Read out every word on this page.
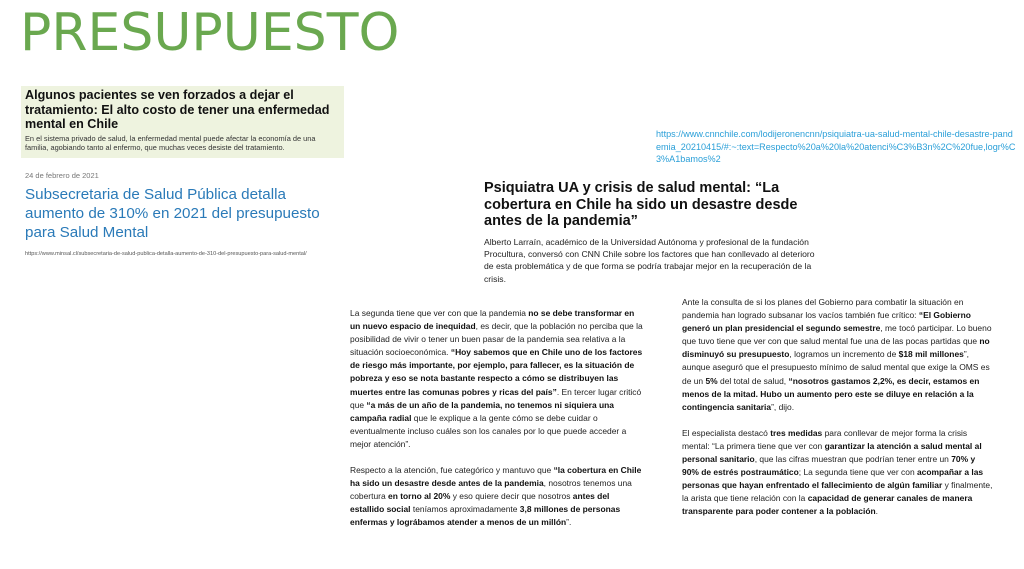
PRESUPUESTO

Algunos pacientes se ven forzados a dejar el tratamiento: El alto costo de tener una enfermedad mental en Chile

En el sistema privado de salud, la enfermedad mental puede afectar la economía de una familia, agobiando tanto al enfermo, que muchas veces desiste del tratamiento.

24 de febrero de 2021

Subsecretaria de Salud Pública detalla aumento de 310% en 2021 del presupuesto para Salud Mental

https://www.minsal.cl/subsecretaria-de-salud-publica-detalla-aumento-de-310-del-presupuesto-para-salud-mental/

https://www.cnnchile.com/lodijeronencnn/psiquiatra-ua-salud-mental-chile-desastre-pandemia_20210415/#:~:text=Respecto%20a%20la%20atenci%C3%B3n%2C%20fue,logr%C3%A1bamos%2

Psiquiatra UA y crisis de salud mental: “La cobertura en Chile ha sido un desastre desde antes de la pandemia”

Alberto Larraín, académico de la Universidad Autónoma y profesional de la fundación Procultura, conversó con CNN Chile sobre los factores que han conllevado al deterioro de esta problemática y de que forma se podría trabajar mejor en la recuperación de la crisis.

La segunda tiene que ver con que la pandemia no se debe transformar en un nuevo espacio de inequidad, es decir, que la población no perciba que la posibilidad de vivir o tener un buen pasar de la pandemia sea relativa a la situación socioeconómica. “Hoy sabemos que en Chile uno de los factores de riesgo más importante, por ejemplo, para fallecer, es la situación de pobreza y eso se nota bastante respecto a cómo se distribuyen las muertes entre las comunas pobres y ricas del país”. En tercer lugar criticó que “a más de un año de la pandemia, no tenemos ni siquiera una campaña radial que le explique a la gente cómo se debe cuidar o eventualmente incluso cuáles son los canales por lo que puede acceder a mejor atención”.

Respecto a la atención, fue categórico y mantuvo que “la cobertura en Chile ha sido un desastre desde antes de la pandemia, nosotros tenemos una cobertura en torno al 20% y eso quiere decir que nosotros antes del estallido social teníamos aproximadamente 3,8 millones de personas enfermas y lográbamos atender a menos de un millón”.

Ante la consulta de si los planes del Gobierno para combatir la situación en pandemia han logrado subsanar los vacíos también fue crítico: “El Gobierno generó un plan presidencial el segundo semestre, me tocó participar. Lo bueno que tuvo tiene que ver con que salud mental fue una de las pocas partidas que no disminuyó su presupuesto, logramos un incremento de $18 mil millones”, aunque aseguró que el presupuesto mínimo de salud mental que exige la OMS es de un 5% del total de salud, “nosotros gastamos 2,2%, es decir, estamos en menos de la mitad. Hubo un aumento pero este se diluye en relación a la contingencia sanitaria”, dijo.

El especialista destacó tres medidas para conllevar de mejor forma la crisis mental: “La primera tiene que ver con garantizar la atención a salud mental al personal sanitario, que las cifras muestran que podrían tener entre un 70% y 90% de estrés postraumático; La segunda tiene que ver con acompañar a las personas que hayan enfrentado el fallecimiento de algún familiar y finalmente, la arista que tiene relación con la capacidad de generar canales de manera transparente para poder contener a la población.
